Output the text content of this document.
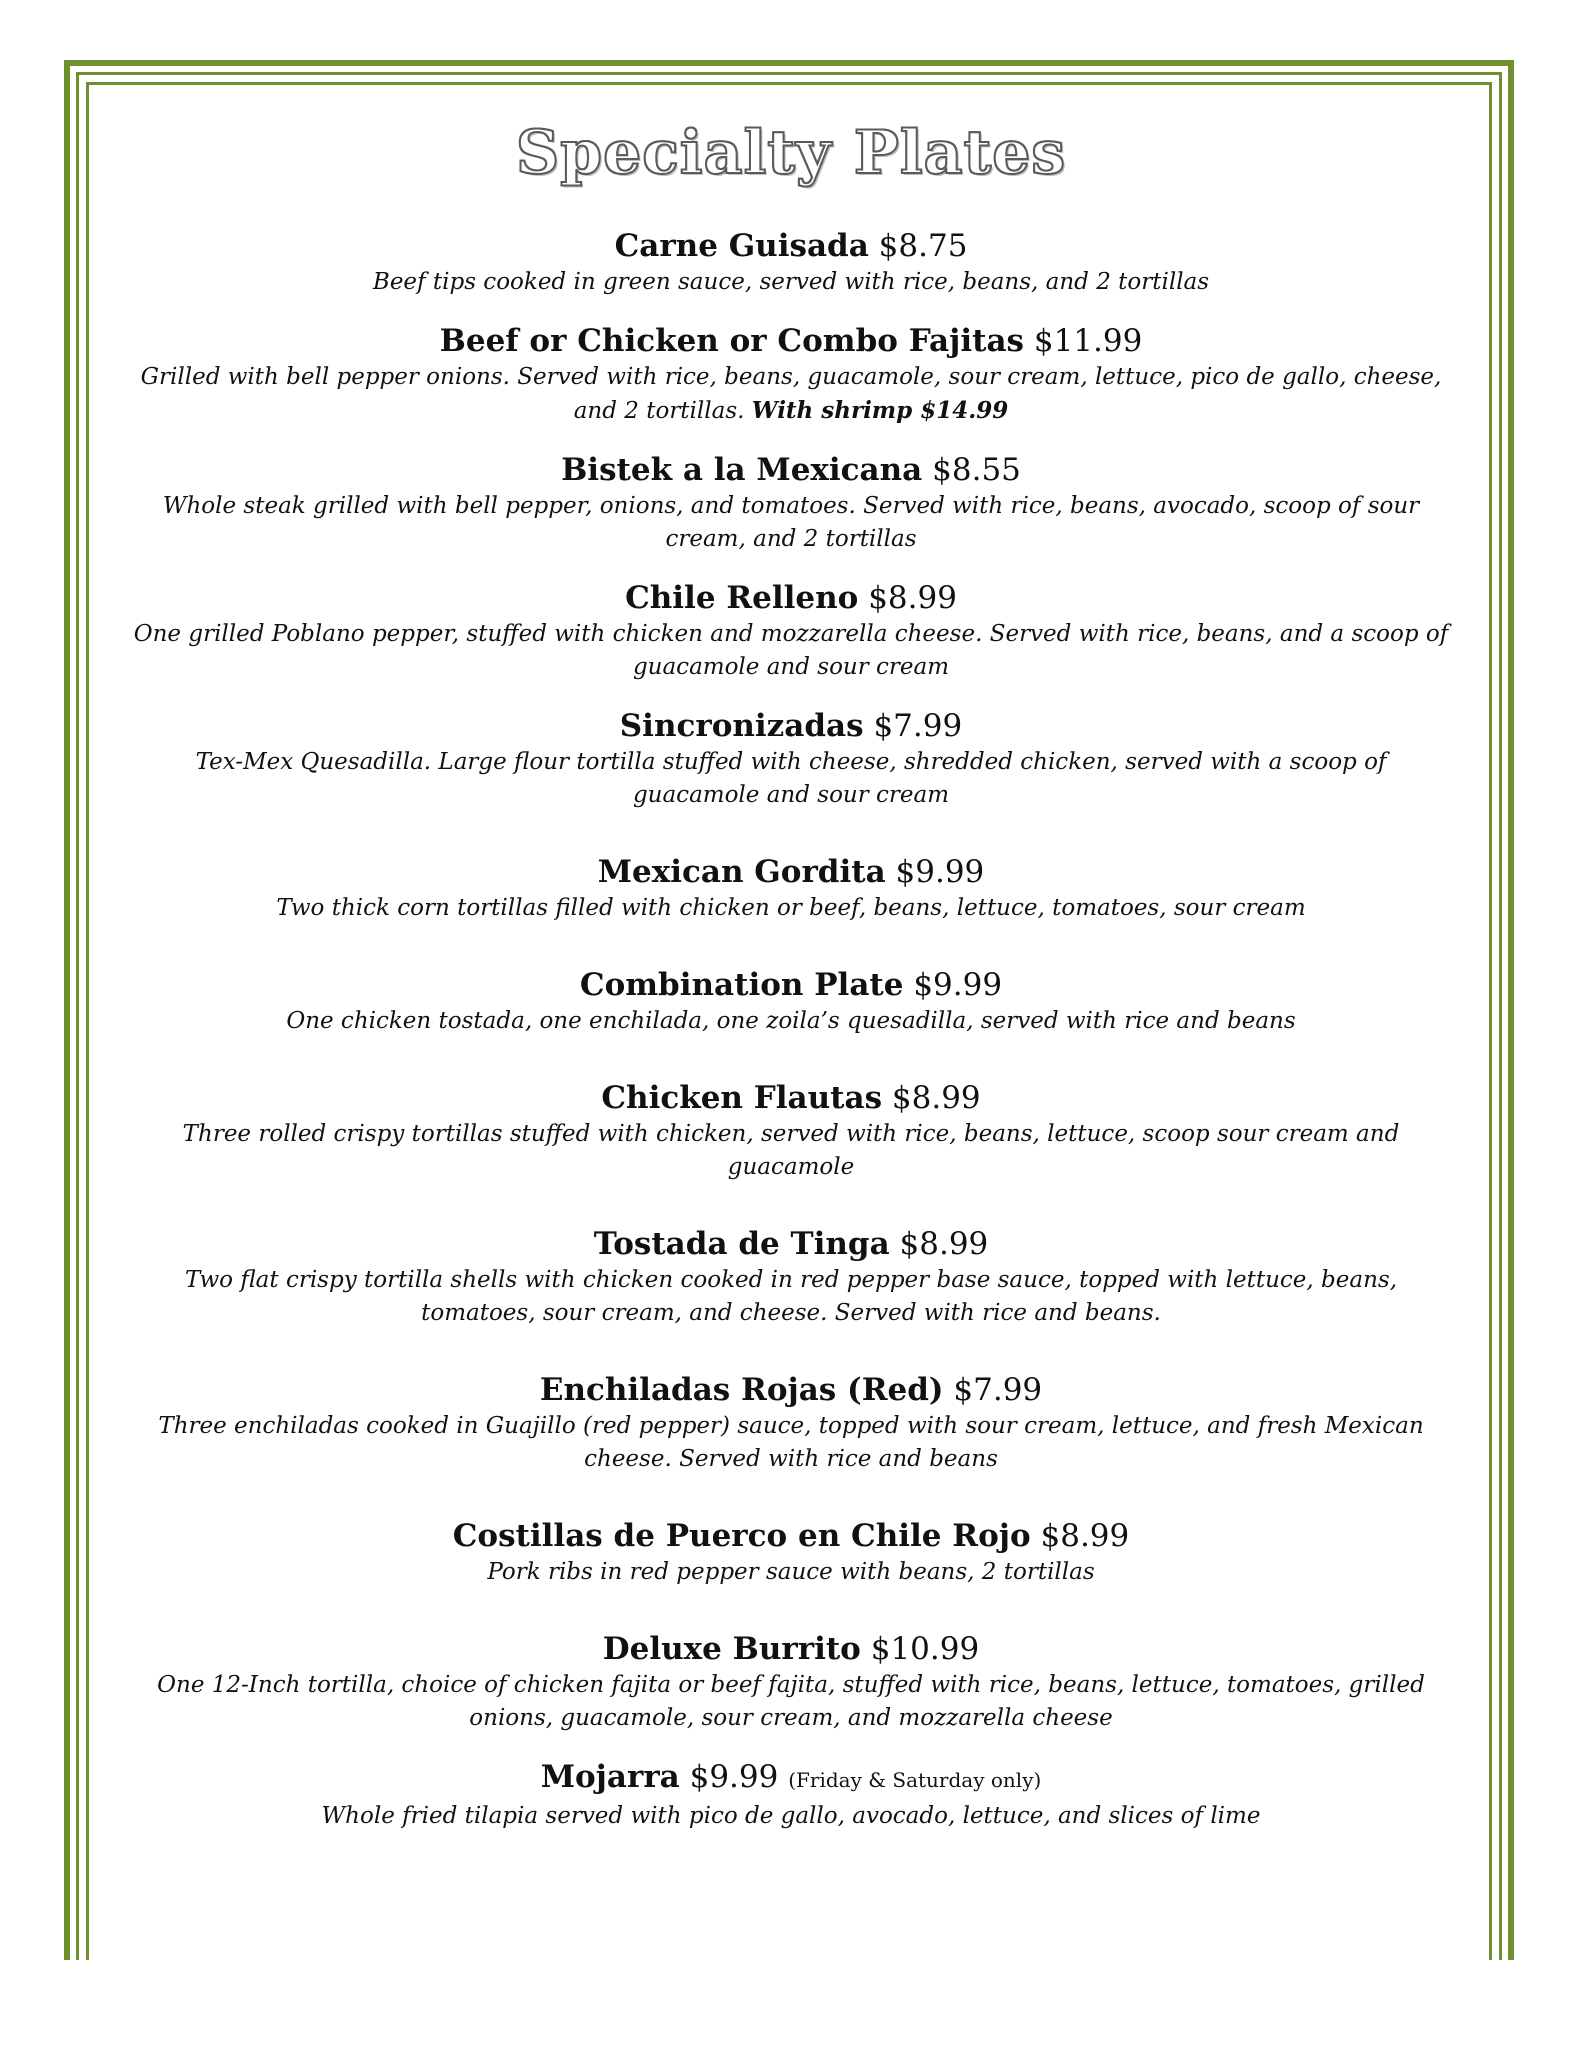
Specialty Plates
Carne Guisada $8.75
Beef tips cooked in green sauce, served with rice, beans, and 2 tortillas
Beef or Chicken or Combo Fajitas $11.99
Grilled with bell pepper onions. Served with rice, beans, guacamole, sour cream, lettuce, pico de gallo, cheese, and 2 tortillas. With shrimp $14.99
Bistek a la Mexicana $8.55
Whole steak grilled with bell pepper, onions, and tomatoes. Served with rice, beans, avocado, scoop of sour cream, and 2 tortillas
Chile Relleno $8.99
One grilled Poblano pepper, stuffed with chicken and mozzarella cheese. Served with rice, beans, and a scoop of guacamole and sour cream
Sincronizadas $7.99
Tex-Mex Quesadilla. Large flour tortilla stuffed with cheese, shredded chicken, served with a scoop of guacamole and sour cream
Mexican Gordita $9.99
Two thick corn tortillas filled with chicken or beef, beans, lettuce, tomatoes, sour cream
Combination Plate $9.99
One chicken tostada, one enchilada, one zoila’s quesadilla, served with rice and beans
Chicken Flautas $8.99
Three rolled crispy tortillas stuffed with chicken, served with rice, beans, lettuce, scoop sour cream and guacamole
Tostada de Tinga $8.99
Two flat crispy tortilla shells with chicken cooked in red pepper base sauce, topped with lettuce, beans, tomatoes, sour cream, and cheese. Served with rice and beans.
Enchiladas Rojas (Red) $7.99
Three enchiladas cooked in Guajillo (red pepper) sauce, topped with sour cream, lettuce, and fresh Mexican cheese. Served with rice and beans
Costillas de Puerco en Chile Rojo $8.99
Pork ribs in red pepper sauce with beans, 2 tortillas
Deluxe Burrito $10.99
One 12-Inch tortilla, choice of chicken fajita or beef fajita, stuffed with rice, beans, lettuce, tomatoes, grilled onions, guacamole, sour cream, and mozzarella cheese
Mojarra $9.99 (Friday & Saturday only)
Whole fried tilapia served with pico de gallo, avocado, lettuce, and slices of lime
